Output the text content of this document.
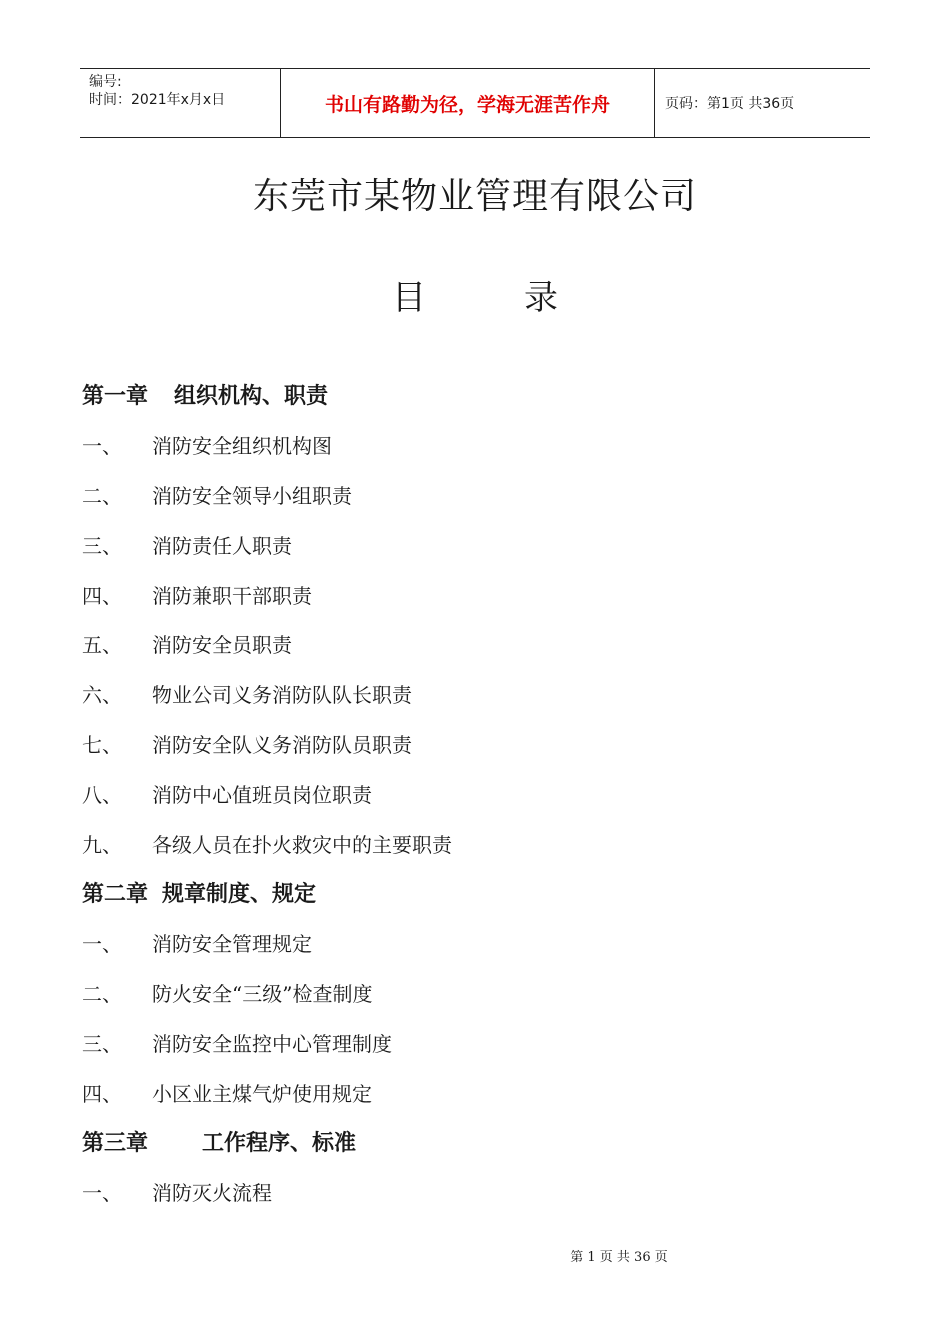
编号:
时间：2021年x月x日	书山有路勤为径，学海无涯苦作舟	页码：第1页 共36页
东莞市某物业管理有限公司
目	录
第一章 组织机构、职责
一、	消防安全组织机构图
二、	消防安全领导小组职责
三、	消防责任人职责
四、	消防兼职干部职责
五、	消防安全员职责
六、	物业公司义务消防队队长职责
七、	消防安全队义务消防队员职责
八、	消防中心值班员岗位职责
九、	各级人员在扑火救灾中的主要职责
第二章 规章制度、规定
一、	消防安全管理规定
二、	防火安全“三级”检查制度
三、	消防安全监控中心管理制度
四、	小区业主煤气炉使用规定
第三章 工作程序、标准
一、	消防灭火流程
第 1 页 共 36 页
